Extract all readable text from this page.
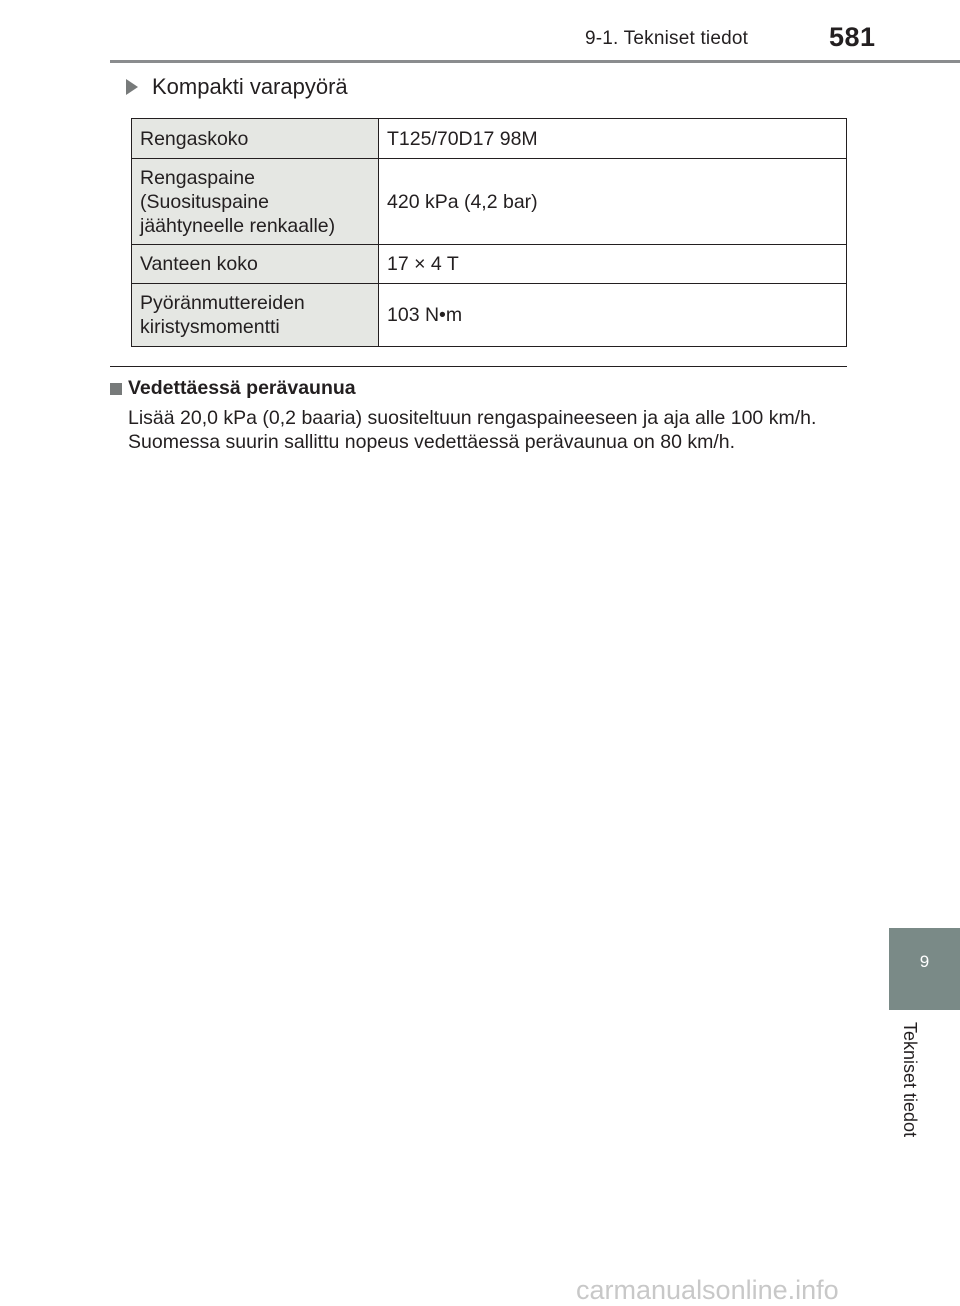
9-1. Tekniset tiedot	581
Kompakti varapyörä
Rengaskoko	T125/70D17 98M
Rengaspaine
(Suosituspaine
jäähtyneelle renkaalle)	420 kPa (4,2 bar)
Vanteen koko	17 × 4 T
Pyöränmuttereiden
kiristysmomentti	103 N•m
Vedettäessä perävaunua
Lisää 20,0 kPa (0,2 baaria) suositeltuun rengaspaineeseen ja aja alle 100 km/h.
Suomessa suurin sallittu nopeus vedettäessä perävaunua on 80 km/h.
9
Tekniset tiedot
carmanualsonline.info
